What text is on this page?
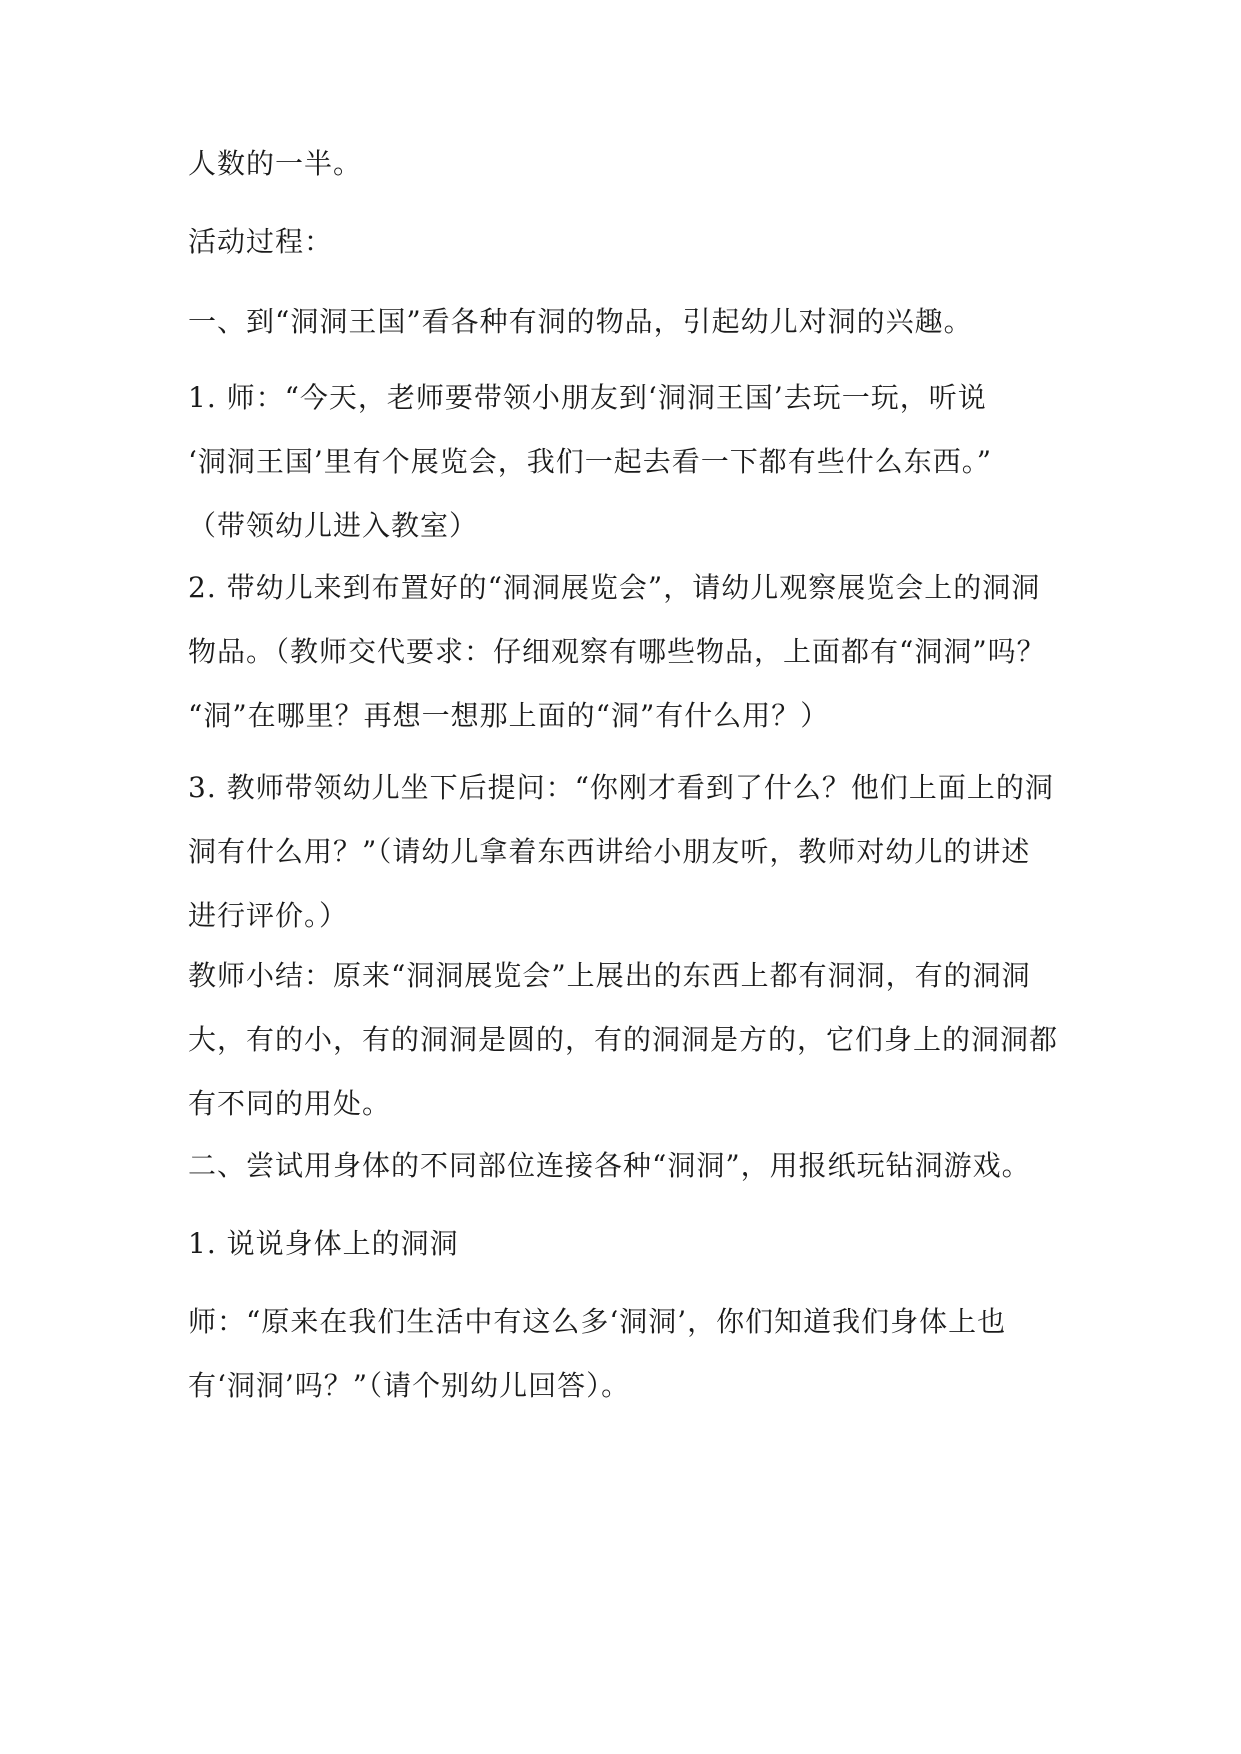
人数的一半。
活动过程：
一、到“洞洞王国”看各种有洞的物品，引起幼儿对洞的兴趣。
1. 师：“今天，老师要带领小朋友到‘洞洞王国’去玩一玩，听说
‘洞洞王国’里有个展览会，我们一起去看一下都有些什么东西。”
（带领幼儿进入教室）
2. 带幼儿来到布置好的“洞洞展览会”，请幼儿观察展览会上的洞洞
物品。（教师交代要求：仔细观察有哪些物品，上面都有“洞洞”吗？
“洞”在哪里？再想一想那上面的“洞”有什么用？）
3. 教师带领幼儿坐下后提问：“你刚才看到了什么？他们上面上的洞
洞有什么用？”（请幼儿拿着东西讲给小朋友听，教师对幼儿的讲述
进行评价。）
教师小结：原来“洞洞展览会”上展出的东西上都有洞洞，有的洞洞
大，有的小，有的洞洞是圆的，有的洞洞是方的，它们身上的洞洞都
有不同的用处。
二、尝试用身体的不同部位连接各种“洞洞”，用报纸玩钻洞游戏。
1. 说说身体上的洞洞
师：“原来在我们生活中有这么多‘洞洞’，你们知道我们身体上也
有‘洞洞’吗？”（请个别幼儿回答）。
